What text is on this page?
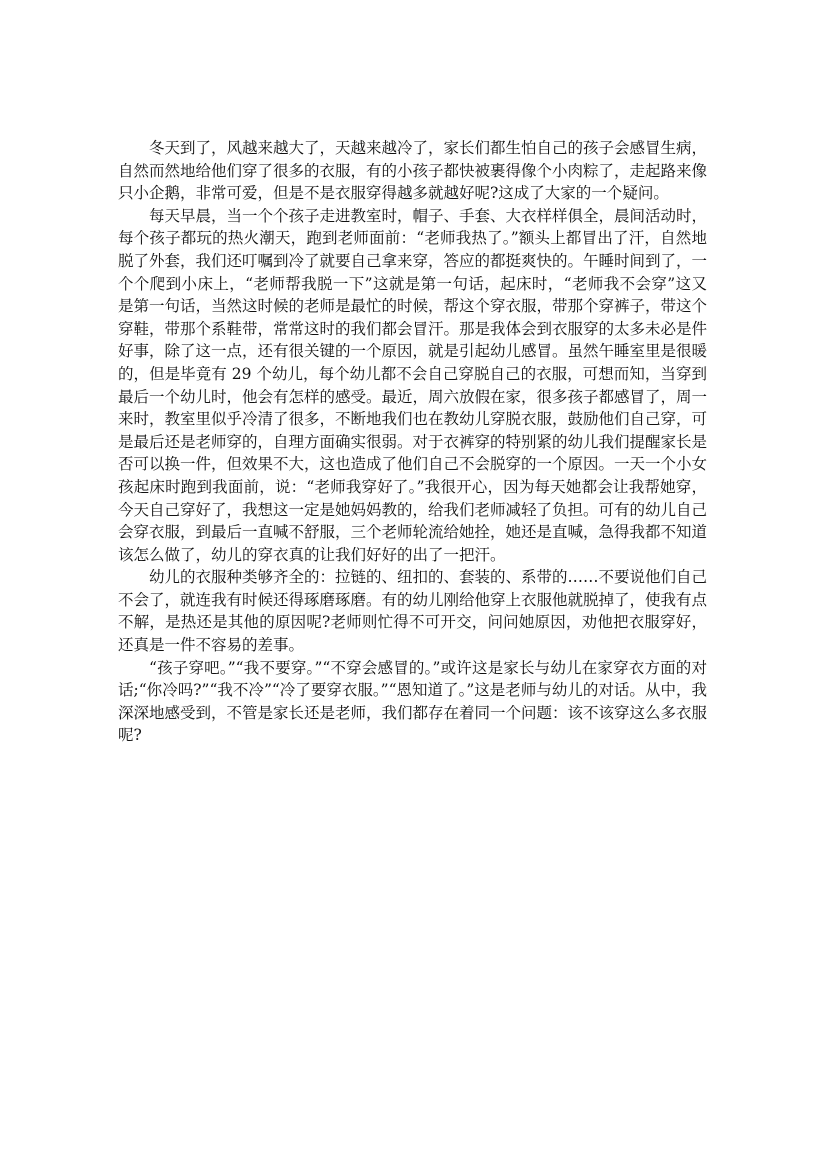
冬天到了，风越来越大了，天越来越冷了，家长们都生怕自己的孩子会感冒生病，自然而然地给他们穿了很多的衣服，有的小孩子都快被裹得像个小肉粽了，走起路来像只小企鹅，非常可爱，但是不是衣服穿得越多就越好呢?这成了大家的一个疑问。

每天早晨，当一个个孩子走进教室时，帽子、手套、大衣样样俱全，晨间活动时，每个孩子都玩的热火潮天，跑到老师面前：“老师我热了。”额头上都冒出了汗，自然地脱了外套，我们还叮嘱到冷了就要自己拿来穿，答应的都挺爽快的。午睡时间到了，一个个爬到小床上，“老师帮我脱一下”这就是第一句话，起床时，“老师我不会穿”这又是第一句话，当然这时候的老师是最忙的时候，帮这个穿衣服，带那个穿裤子，带这个穿鞋，带那个系鞋带，常常这时的我们都会冒汗。那是我体会到衣服穿的太多未必是件好事，除了这一点，还有很关键的一个原因，就是引起幼儿感冒。虽然午睡室里是很暖的，但是毕竟有 29 个幼儿，每个幼儿都不会自己穿脱自己的衣服，可想而知，当穿到最后一个幼儿时，他会有怎样的感受。最近，周六放假在家，很多孩子都感冒了，周一来时，教室里似乎冷清了很多，不断地我们也在教幼儿穿脱衣服，鼓励他们自己穿，可是最后还是老师穿的，自理方面确实很弱。对于衣裤穿的特别紧的幼儿我们提醒家长是否可以换一件，但效果不大，这也造成了他们自己不会脱穿的一个原因。一天一个小女孩起床时跑到我面前，说：“老师我穿好了。”我很开心，因为每天她都会让我帮她穿，今天自己穿好了，我想这一定是她妈妈教的，给我们老师减轻了负担。可有的幼儿自己会穿衣服，到最后一直喊不舒服，三个老师轮流给她拴，她还是直喊，急得我都不知道该怎么做了，幼儿的穿衣真的让我们好好的出了一把汗。

幼儿的衣服种类够齐全的：拉链的、纽扣的、套装的、系带的……不要说他们自己不会了，就连我有时候还得琢磨琢磨。有的幼儿刚给他穿上衣服他就脱掉了，使我有点不解，是热还是其他的原因呢?老师则忙得不可开交，问问她原因，劝他把衣服穿好，还真是一件不容易的差事。

“孩子穿吧。”“我不要穿。”“不穿会感冒的。”或许这是家长与幼儿在家穿衣方面的对话;“你冷吗?”“我不冷”“冷了要穿衣服。”“恩知道了。”这是老师与幼儿的对话。从中，我深深地感受到，不管是家长还是老师，我们都存在着同一个问题：该不该穿这么多衣服呢?
